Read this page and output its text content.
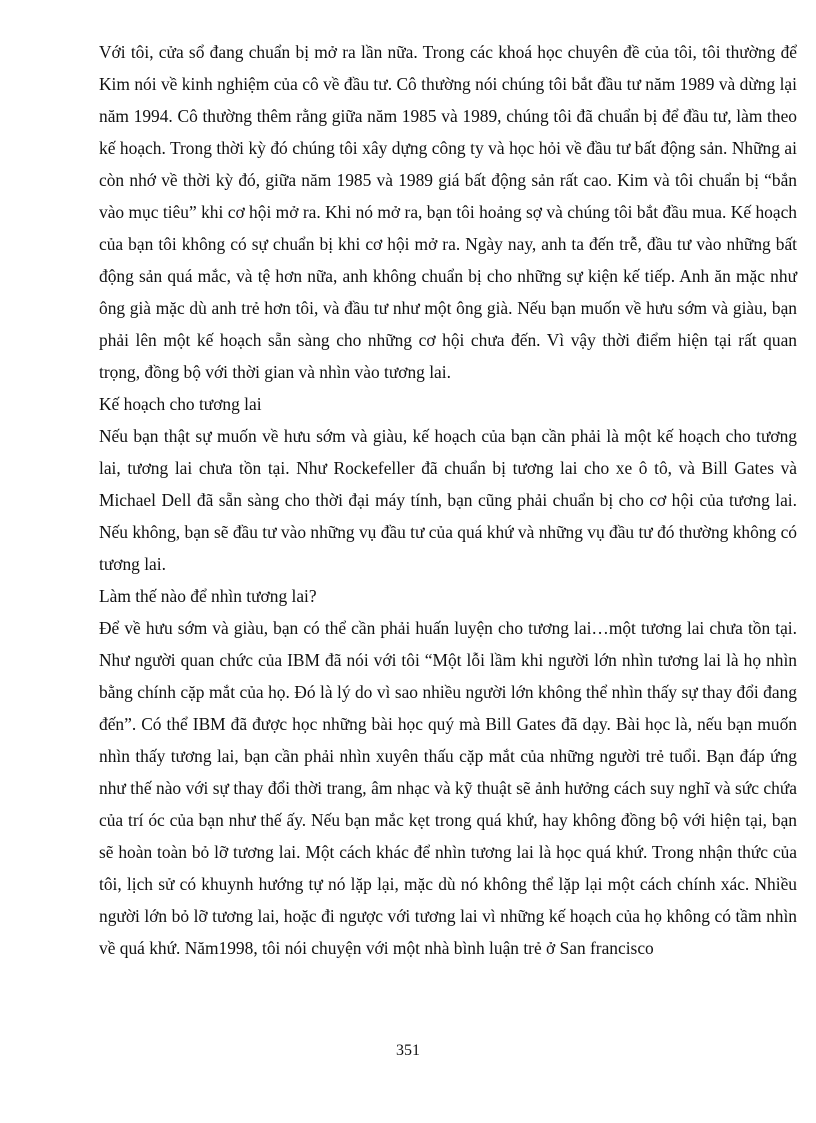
Với tôi, cửa sổ đang chuẩn bị mở ra lần nữa. Trong các khoá học chuyên đề của tôi, tôi thường để Kim nói về kinh nghiệm của cô về đầu tư. Cô thường nói chúng tôi bắt đầu tư năm 1989 và dừng lại năm 1994. Cô thường thêm rằng giữa năm 1985 và 1989, chúng tôi đã chuẩn bị để đầu tư, làm theo kế hoạch. Trong thời kỳ đó chúng tôi xây dựng công ty và học hỏi về đầu tư bất động sản. Những ai còn nhớ về thời kỳ đó, giữa năm 1985 và 1989 giá bất động sản rất cao. Kim và tôi chuẩn bị “bắn vào mục tiêu” khi cơ hội mở ra. Khi nó mở ra, bạn tôi hoảng sợ và chúng tôi bắt đầu mua. Kế hoạch của bạn tôi không có sự chuẩn bị khi cơ hội mở ra. Ngày nay, anh ta đến trễ, đầu tư vào những bất động sản quá mắc, và tệ hơn nữa, anh không chuẩn bị cho những sự kiện kế tiếp. Anh ăn mặc như ông già mặc dù anh trẻ hơn tôi, và đầu tư như một ông già. Nếu bạn muốn về hưu sớm và giàu, bạn phải lên một kế hoạch sẵn sàng cho những cơ hội chưa đến. Vì vậy thời điểm hiện tại rất quan trọng, đồng bộ với thời gian và nhìn vào tương lai.

Kế hoạch cho tương lai

Nếu bạn thật sự muốn về hưu sớm và giàu, kế hoạch của bạn cần phải là một kế hoạch cho tương lai, tương lai chưa tồn tại. Như Rockefeller đã chuẩn bị tương lai cho xe ô tô, và Bill Gates và Michael Dell đã sẵn sàng cho thời đại máy tính, bạn cũng phải chuẩn bị cho cơ hội của tương lai. Nếu không, bạn sẽ đầu tư vào những vụ đầu tư của quá khứ và những vụ đầu tư đó thường không có tương lai.

Làm thế nào để nhìn tương lai?

Để về hưu sớm và giàu, bạn có thể cần phải huấn luyện cho tương lai…một tương lai chưa tồn tại. Như người quan chức của IBM đã nói với tôi “Một lỗi lầm khi người lớn nhìn tương lai là họ nhìn bằng chính cặp mắt của họ. Đó là lý do vì sao nhiều người lớn không thể nhìn thấy sự thay đổi đang đến”. Có thể IBM đã được học những bài học quý mà Bill Gates đã dạy. Bài học là, nếu bạn muốn nhìn thấy tương lai, bạn cần phải nhìn xuyên thấu cặp mắt của những người trẻ tuổi. Bạn đáp ứng như thế nào với sự thay đổi thời trang, âm nhạc và kỹ thuật sẽ ảnh hưởng cách suy nghĩ và sức chứa của trí óc của bạn như thế ấy. Nếu bạn mắc kẹt trong quá khứ, hay không đồng bộ với hiện tại, bạn sẽ hoàn toàn bỏ lỡ tương lai. Một cách khác để nhìn tương lai là học quá khứ. Trong nhận thức của tôi, lịch sử có khuynh hướng tự nó lặp lại, mặc dù nó không thể lặp lại một cách chính xác. Nhiều người lớn bỏ lỡ tương lai, hoặc đi ngược với tương lai vì những kế hoạch của họ không có tầm nhìn về quá khứ. Năm1998, tôi nói chuyện với một nhà bình luận trẻ ở San francisco

351
